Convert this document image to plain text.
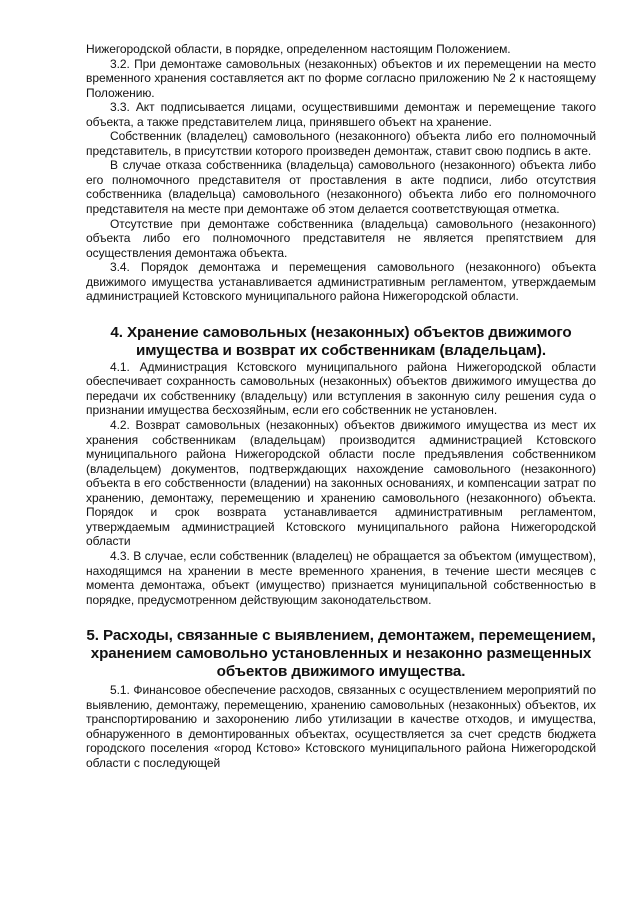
Нижегородской области, в порядке, определенном настоящим Положением.

3.2. При демонтаже самовольных (незаконных) объектов и их перемещении на место временного хранения составляется акт по форме согласно приложению № 2 к настоящему Положению.

3.3. Акт подписывается лицами, осуществившими демонтаж и перемещение такого объекта, а также представителем лица, принявшего объект на хранение.

Собственник (владелец) самовольного (незаконного) объекта либо его полномочный представитель, в присутствии которого произведен демонтаж, ставит свою подпись в акте.

В случае отказа собственника (владельца) самовольного (незаконного) объекта либо его полномочного представителя от проставления в акте подписи, либо отсутствия собственника (владельца) самовольного (незаконного) объекта либо его полномочного представителя на месте при демонтаже об этом делается соответствующая отметка.

Отсутствие при демонтаже собственника (владельца) самовольного (незаконного) объекта либо его полномочного представителя не является препятствием для осуществления демонтажа объекта.

3.4. Порядок демонтажа и перемещения самовольного (незаконного) объекта движимого имущества устанавливается административным регламентом, утверждаемым администрацией Кстовского муниципального района Нижегородской области.

4. Хранение самовольных (незаконных) объектов движимого имущества и возврат их собственникам (владельцам).

4.1. Администрация Кстовского муниципального района Нижегородской области обеспечивает сохранность самовольных (незаконных) объектов движимого имущества до передачи их собственнику (владельцу) или вступления в законную силу решения суда о признании имущества бесхозяйным, если его собственник не установлен.

4.2. Возврат самовольных (незаконных) объектов движимого имущества из мест их хранения собственникам (владельцам) производится администрацией Кстовского муниципального района Нижегородской области после предъявления собственником (владельцем) документов, подтверждающих нахождение самовольного (незаконного) объекта в его собственности (владении) на законных основаниях, и компенсации затрат по хранению, демонтажу, перемещению и хранению самовольного (незаконного) объекта. Порядок и срок возврата устанавливается административным регламентом, утверждаемым администрацией Кстовского муниципального района Нижегородской области

4.3. В случае, если собственник (владелец) не обращается за объектом (имуществом), находящимся на хранении в месте временного хранения, в течение шести месяцев с момента демонтажа, объект (имущество) признается муниципальной собственностью в порядке, предусмотренном действующим законодательством.

5. Расходы, связанные с выявлением, демонтажем, перемещением, хранением самовольно установленных и незаконно размещенных объектов движимого имущества.

5.1. Финансовое обеспечение расходов, связанных с осуществлением мероприятий по выявлению, демонтажу, перемещению, хранению самовольных (незаконных) объектов, их транспортированию и захоронению либо утилизации в качестве отходов, и имущества, обнаруженного в демонтированных объектах, осуществляется за счет средств бюджета городского поселения «город Кстово» Кстовского муниципального района Нижегородской области с последующей
